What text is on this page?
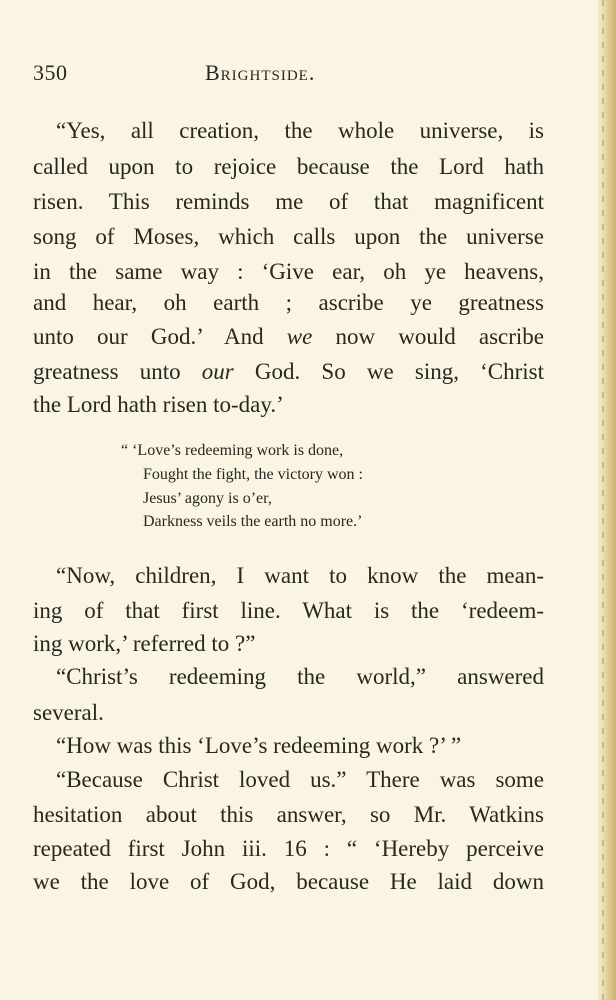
350	Brightside.
“Yes, all creation, the whole universe, is
called upon to rejoice because the Lord hath
risen. This reminds me of that magnificent
song of Moses, which calls upon the universe
in the same way : ‘Give ear, oh ye heavens,
and hear, oh earth ; ascribe ye greatness
unto our God.’ And we now would ascribe
greatness unto our God. So we sing, ‘Christ
the Lord hath risen to-day.’
“ ‘Love’s redeeming work is done,
Fought the fight, the victory won :
Jesus’ agony is o’er,
Darkness veils the earth no more.’
“Now, children, I want to know the mean-
ing of that first line. What is the ‘redeem-
ing work,’ referred to ?”
“Christ’s redeeming the world,” answered
several.
“How was this ‘Love’s redeeming work ?’ ”
“Because Christ loved us.” There was some
hesitation about this answer, so Mr. Watkins
repeated first John iii. 16 : “ ‘Hereby perceive
we the love of God, because He laid down
